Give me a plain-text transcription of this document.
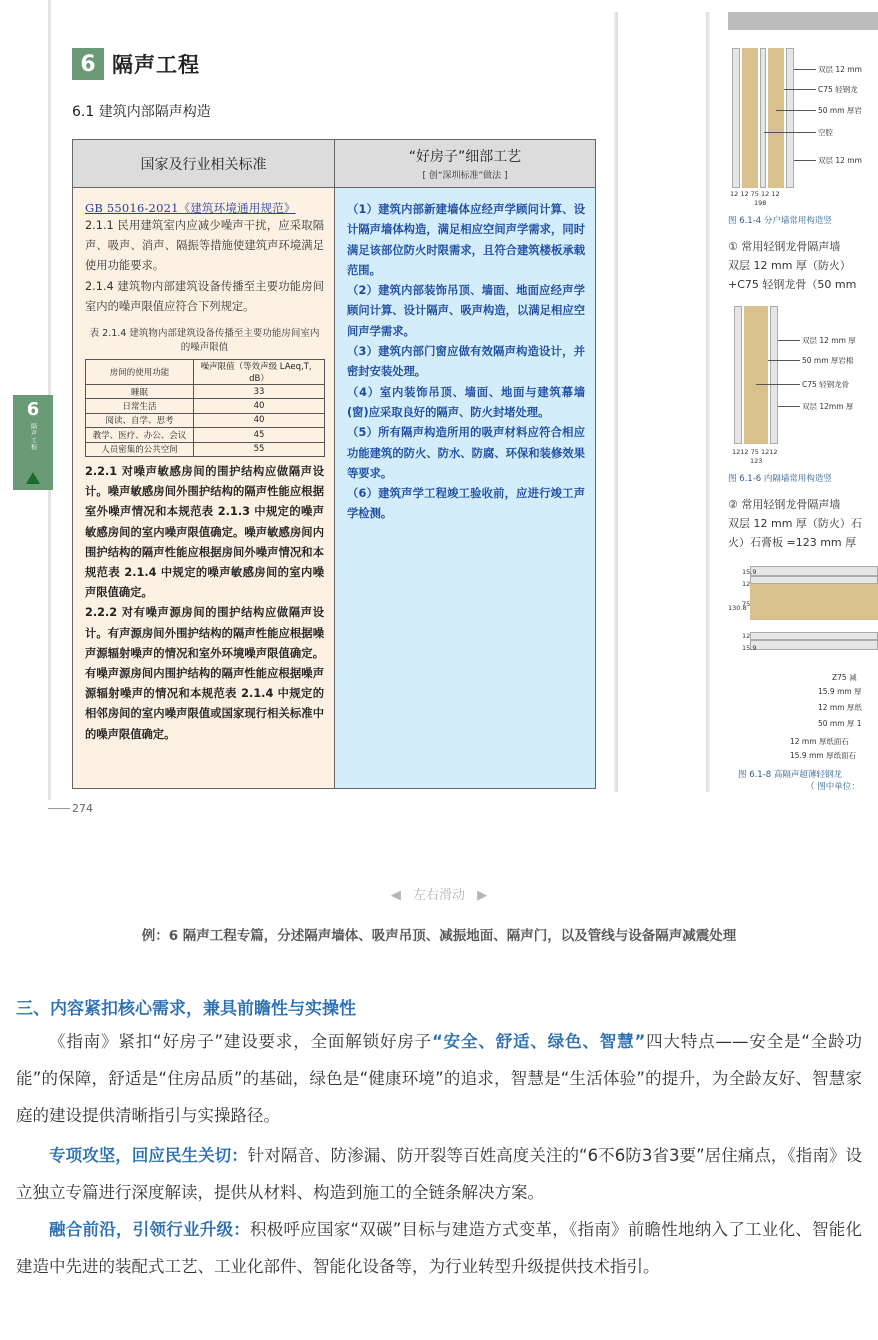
6 隔声工程
6.1 建筑内部隔声构造
国家及行业相关标准	“好房子”细部工艺
[ 创“深圳标准”做法 ]
GB 55016-2021《建筑环境通用规范》

2.1.1 民用建筑室内应减少噪声干扰，应采取隔声、吸声、消声、隔振等措施使建筑声环境满足使用功能要求。

2.1.4 建筑物内部建筑设备传播至主要功能房间室内的噪声限值应符合下列规定。

表 2.1.4 建筑物内部建筑设备传播至主要功能房间室内的噪声限值
房间的使用功能	噪声限值（等效声级 LAeq,T，dB）
睡眠	33
日常生活	40
阅读、自学、思考	40
教学、医疗、办公、会议	45
人员密集的公共空间	55

2.2.1 对噪声敏感房间的围护结构应做隔声设计。噪声敏感房间外围护结构的隔声性能应根据室外噪声情况和本规范表 2.1.3 中规定的噪声敏感房间的室内噪声限值确定。噪声敏感房间内围护结构的隔声性能应根据房间外噪声情况和本规范表 2.1.4 中规定的噪声敏感房间的室内噪声限值确定。

2.2.2 对有噪声源房间的围护结构应做隔声设计。有声源房间外围护结构的隔声性能应根据噪声源辐射噪声的情况和室外环境噪声限值确定。有噪声源房间内围护结构的隔声性能应根据噪声源辐射噪声的情况和本规范表 2.1.4 中规定的相邻房间的室内噪声限值或国家现行相关标准中的噪声限值确定。

（1）建筑内部新建墙体应经声学顾问计算、设计隔声墙体构造，满足相应空间声学需求，同时满足该部位防火时限需求，且符合建筑楼板承载范围。

（2）建筑内部装饰吊顶、墙面、地面应经声学顾问计算、设计隔声、吸声构造，以满足相应空间声学需求。

（3）建筑内部门窗应做有效隔声构造设计，并密封安装处理。

（4）室内装饰吊顶、墙面、地面与建筑幕墙(窗)应采取良好的隔声、防火封堵处理。

（5）所有隔声构造所用的吸声材料应符合相应功能建筑的防火、防水、防腐、环保和装修效果等要求。

（6）建筑声学工程竣工验收前，应进行竣工声学检测。

274
6
隔声工程
双层 12 mm
C75 轻钢龙
50 mm 厚岩
空腔
双层 12 mm
12 12 75 12 12
198
图 6.1-4 分户墙常用构造竖
① 常用轻钢龙骨隔声墙
双层 12 mm 厚（防火）
+C75 轻钢龙骨（50 mm
双层 12 mm 厚
50 mm 厚岩棉
C75 轻钢龙骨
双层 12mm 厚
1212 75 1212
123
图 6.1-6 内隔墙常用构造竖
② 常用轻钢龙骨隔声墙
双层 12 mm 厚（防火）石
火）石膏板 =123 mm 厚
15.9
12
75
12
15.9
130.8
Z75 减
15.9 mm 厚
12 mm 厚纸
50 mm 厚 1
12 mm 厚纸面石
15.9 mm 厚纸面石
图 6.1-8 高隔声超薄轻钢龙
（ 图中单位：
◀ 左右滑动 ▶
例：6 隔声工程专篇，分述隔声墙体、吸声吊顶、减振地面、隔声门，以及管线与设备隔声减震处理
三、内容紧扣核心需求，兼具前瞻性与实操性

《指南》紧扣“好房子”建设要求，全面解锁好房子“安全、舒适、绿色、智慧”四大特点——安全是“全龄功能”的保障，舒适是“住房品质”的基础，绿色是“健康环境”的追求，智慧是“生活体验”的提升，为全龄友好、智慧家庭的建设提供清晰指引与实操路径。

专项攻坚，回应民生关切：针对隔音、防渗漏、防开裂等百姓高度关注的“6不6防3省3要”居住痛点，《指南》设立独立专篇进行深度解读，提供从材料、构造到施工的全链条解决方案。

融合前沿，引领行业升级：积极呼应国家“双碳”目标与建造方式变革，《指南》前瞻性地纳入了工业化、智能化建造中先进的装配式工艺、工业化部件、智能化设备等，为行业转型升级提供技术指引。
